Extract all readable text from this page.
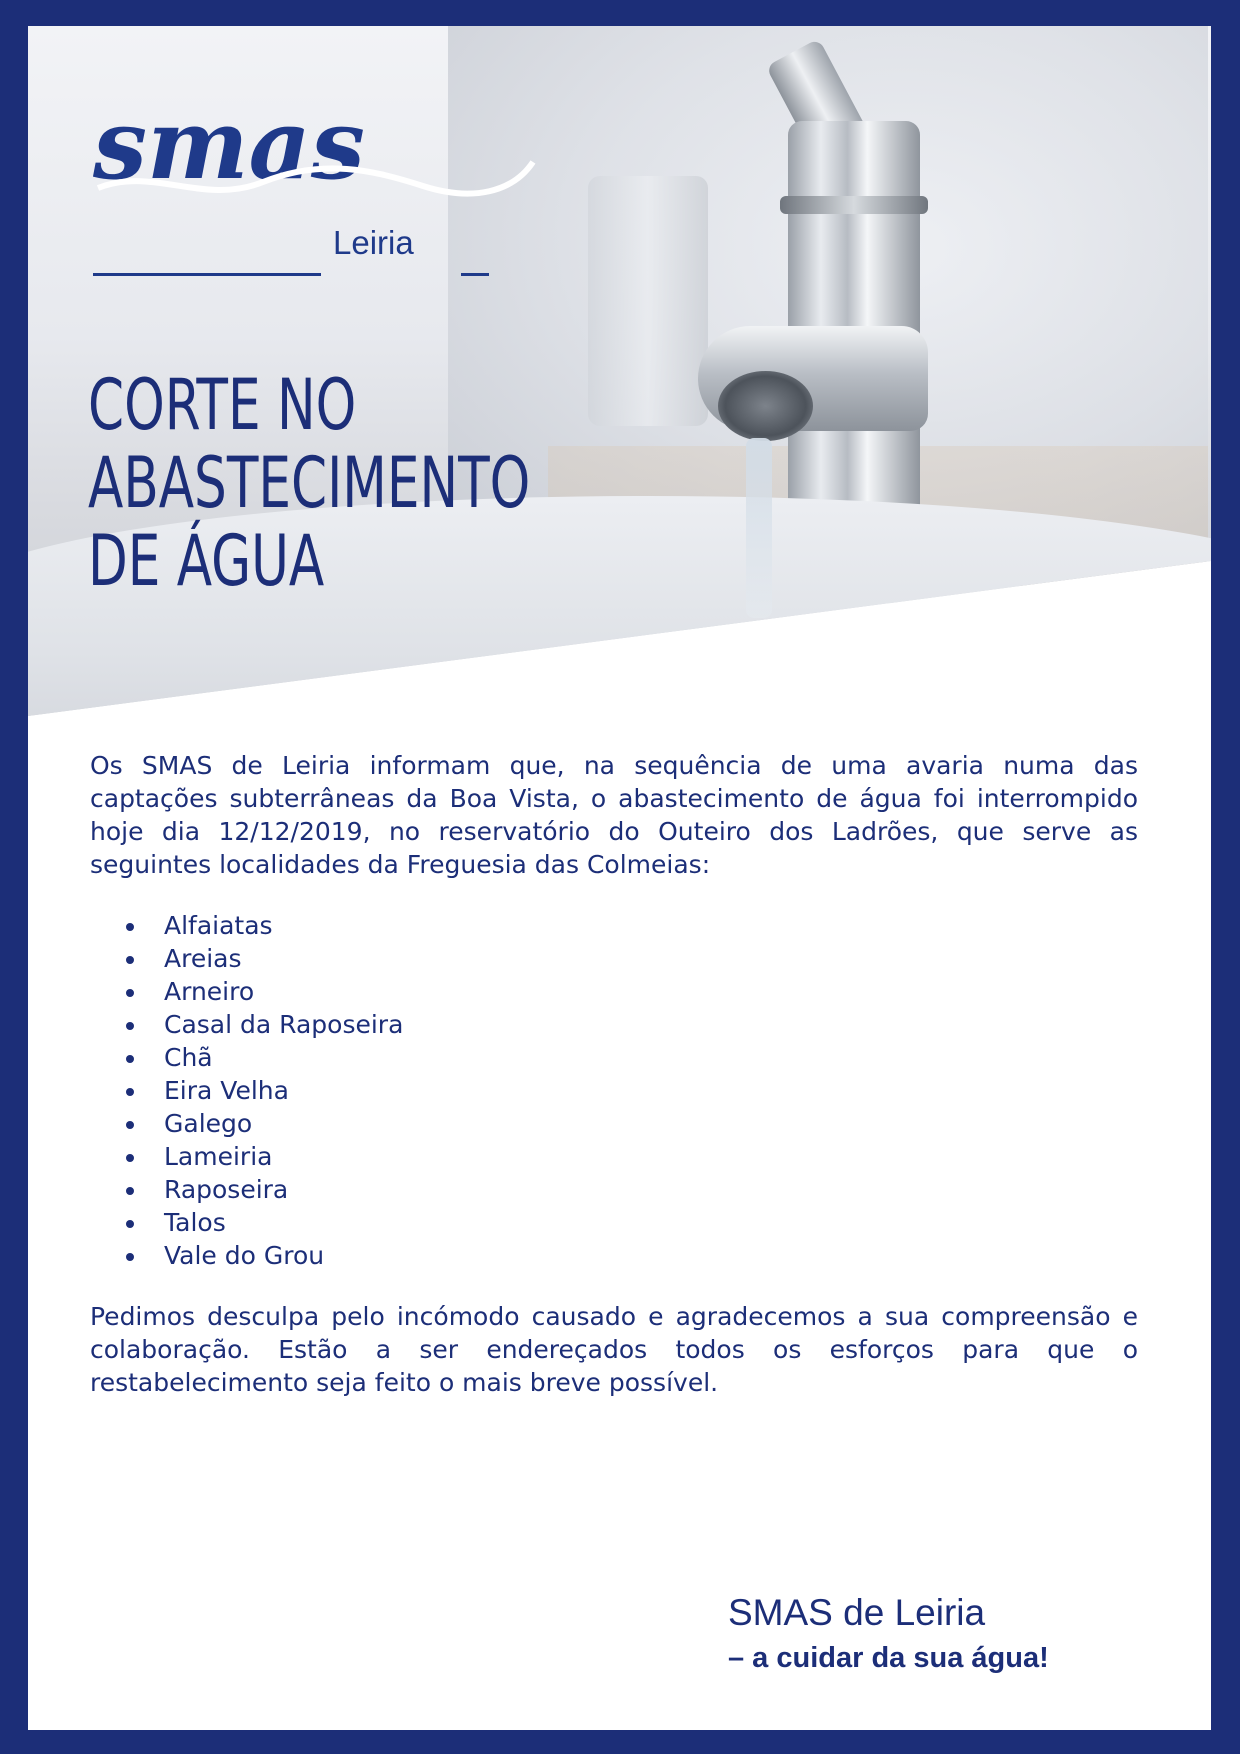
smas
Leiria
CORTE NO
ABASTECIMENTO
DE ÁGUA

Os SMAS de Leiria informam que, na sequência de uma avaria numa das captações subterrâneas da Boa Vista, o abastecimento de água foi interrompido hoje dia 12/12/2019, no reservatório do Outeiro dos Ladrões, que serve as seguintes localidades da Freguesia das Colmeias:

Alfaiatas
Areias
Arneiro
Casal da Raposeira
Chã
Eira Velha
Galego
Lameiria
Raposeira
Talos
Vale do Grou

Pedimos desculpa pelo incómodo causado e agradecemos a sua compreensão e colaboração. Estão a ser endereçados todos os esforços para que o restabelecimento seja feito o mais breve possível.

SMAS de Leiria
– a cuidar da sua água!
